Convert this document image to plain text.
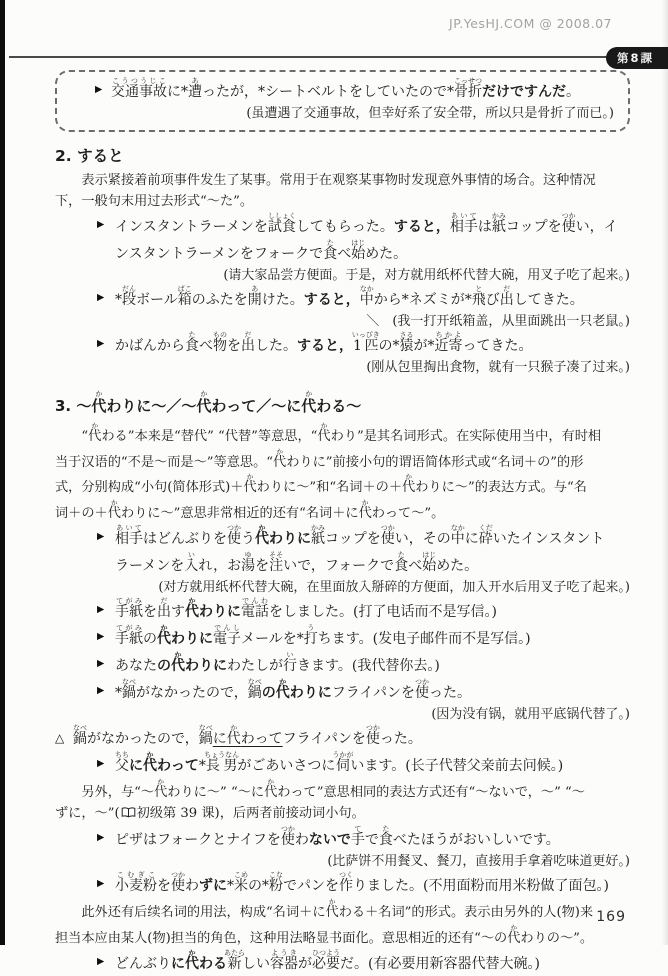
JP.YesHJ.COM @ 2008.07
第8課
▶ 交通事故こうつうじこに*遭あったが，*シートベルトをしていたので*骨折こっせつだけですんだ。
(虽遭遇了交通事故，但幸好系了安全带，所以只是骨折了而已。)
2. すると
表示紧接着前项事件发生了某事。常用于在观察某事物时发现意外事情的场合。这种情况
下，一般句末用过去形式“～た”。
▶ インスタントラーメンを試食ししょくしてもらった。すると，相手あいては紙かみコップを使つかい，イ
ンスタントラーメンをフォークで食たべ始はじめた。
(请大家品尝方便面。于是，对方就用纸杯代替大碗，用叉子吃了起来。)
▶ *段だんボール箱ばこのふたを開あけた。すると，中なかから*ネズミが*飛とび出だしてきた。
＼　(我一打开纸箱盖，从里面跳出一只老鼠。)
▶ かばんから食たべ物ものを出だした。すると，1匹いっぴきの*猿さるが*近寄ちかよってきた。
(刚从包里掏出食物，就有一只猴子凑了过来。)
3. ～代かわりに～／～代かわって／～に代かわる～
“代かわる”本来是“替代” “代替”等意思，“代かわり”是其名词形式。在实际使用当中，有时相
当于汉语的“不是～而是～”等意思。“代かわりに”前接小句的谓语简体形式或“名词＋の”的形
式，分别构成“小句(简体形式)＋代かわりに～”和“名词＋の＋代かわりに～”的表达方式。与“名
词＋の＋代かわりに～”意思非常相近的还有“名词＋に代かわって～”。
▶ 相手あいてはどんぶりを使つかう代かわりに紙かみコップを使つかい，その中なかに砕くだいたインスタント
ラーメンを入いれ，お湯ゆを注そそいで，フォークで食たべ始はじめた。
(对方就用纸杯代替大碗，在里面放入掰碎的方便面，加入开水后用叉子吃了起来。)
▶ 手紙てがみを出だす代かわりに電話でんわをしました。(打了电话而不是写信。)
▶ 手紙てがみの代かわりに電子でんしメールを*打うちます。(发电子邮件而不是写信。)
▶ あなたの代かわりにわたしが行いきます。(我代替你去。)
▶ *鍋なべがなかったので，鍋なべの代かわりにフライパンを使つかった。
(因为没有锅，就用平底锅代替了。)
△ 鍋なべがなかったので，鍋なべに代かわってフライパンを使つかった。
▶ 父ちちに代かわって*長男ちょうなんがごあいさつに伺うかがいます。(长子代替父亲前去问候。)
另外，与“～代かわりに～” “～に代かわって”意思相同的表达方式还有“～ないで，～” “～
ずに，～”( 初级第 39 课)，后两者前接动词小句。
▶ ピザはフォークとナイフを使つかわないで手てで食たべたほうがおいしいです。
(比萨饼不用餐叉、餐刀，直接用手拿着吃味道更好。)
▶ 小麦粉こむぎこを使つかわずに*米こめの*粉こなでパンを作つくりました。(不用面粉而用米粉做了面包。)
此外还有后续名词的用法，构成“名词＋に代かわる＋名词”的形式。表示由另外的人(物)来
担当本应由某人(物)担当的角色，这种用法略显书面化。意思相近的还有“～の代かわりの～”。
▶ どんぶりに代かわる新あたらしい容器ようきが必要ひつようだ。(有必要用新容器代替大碗。)
169
